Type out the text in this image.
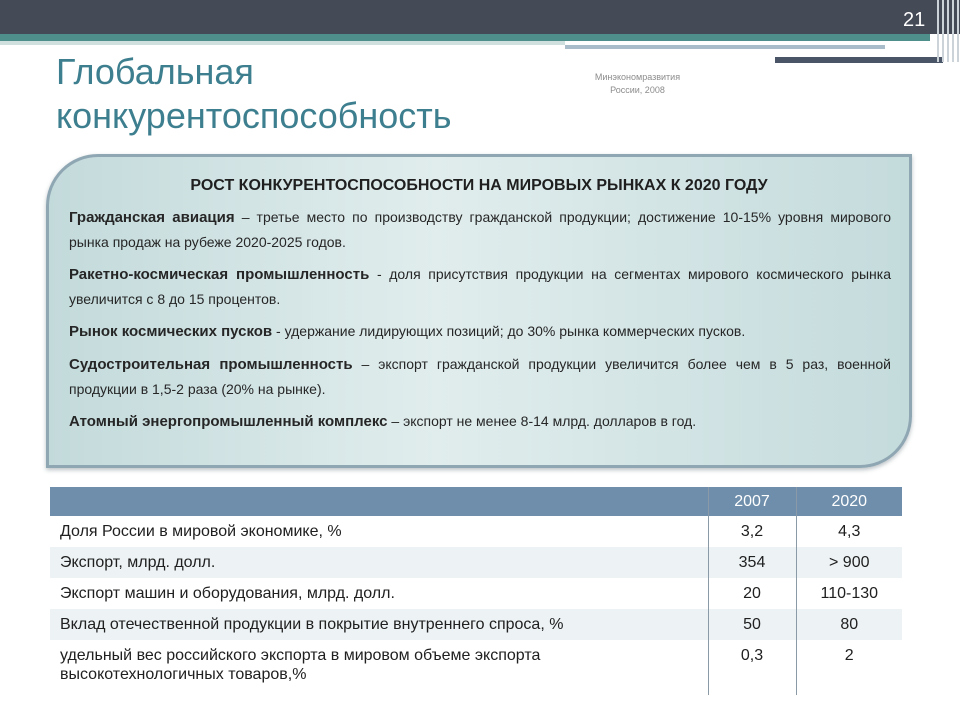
21
Глобальная
конкурентоспособность
Минэкономразвития
России, 2008
РОСТ КОНКУРЕНТОСПОСОБНОСТИ НА МИРОВЫХ РЫНКАХ К 2020 ГОДУ

Гражданская авиация – третье место по производству гражданской продукции; достижение 10-15% уровня мирового рынка продаж на рубеже 2020-2025 годов.

Ракетно-космическая промышленность - доля присутствия продукции на сегментах мирового космического рынка увеличится с 8 до 15 процентов.

Рынок космических пусков - удержание лидирующих позиций; до 30% рынка коммерческих пусков.

Судостроительная промышленность – экспорт гражданской продукции увеличится более чем в 5 раз, военной продукции в 1,5-2 раза (20% на рынке).

Атомный энергопромышленный комплекс – экспорт не менее 8-14 млрд. долларов в год.

	2007	2020
Доля России в мировой экономике, %	3,2	4,3
Экспорт, млрд. долл.	354	> 900
Экспорт машин и оборудования, млрд. долл.	20	110-130
Вклад отечественной продукции в покрытие внутреннего спроса, %	50	80
удельный вес российского экспорта в мировом объеме экспорта высокотехнологичных товаров,%	0,3	2
